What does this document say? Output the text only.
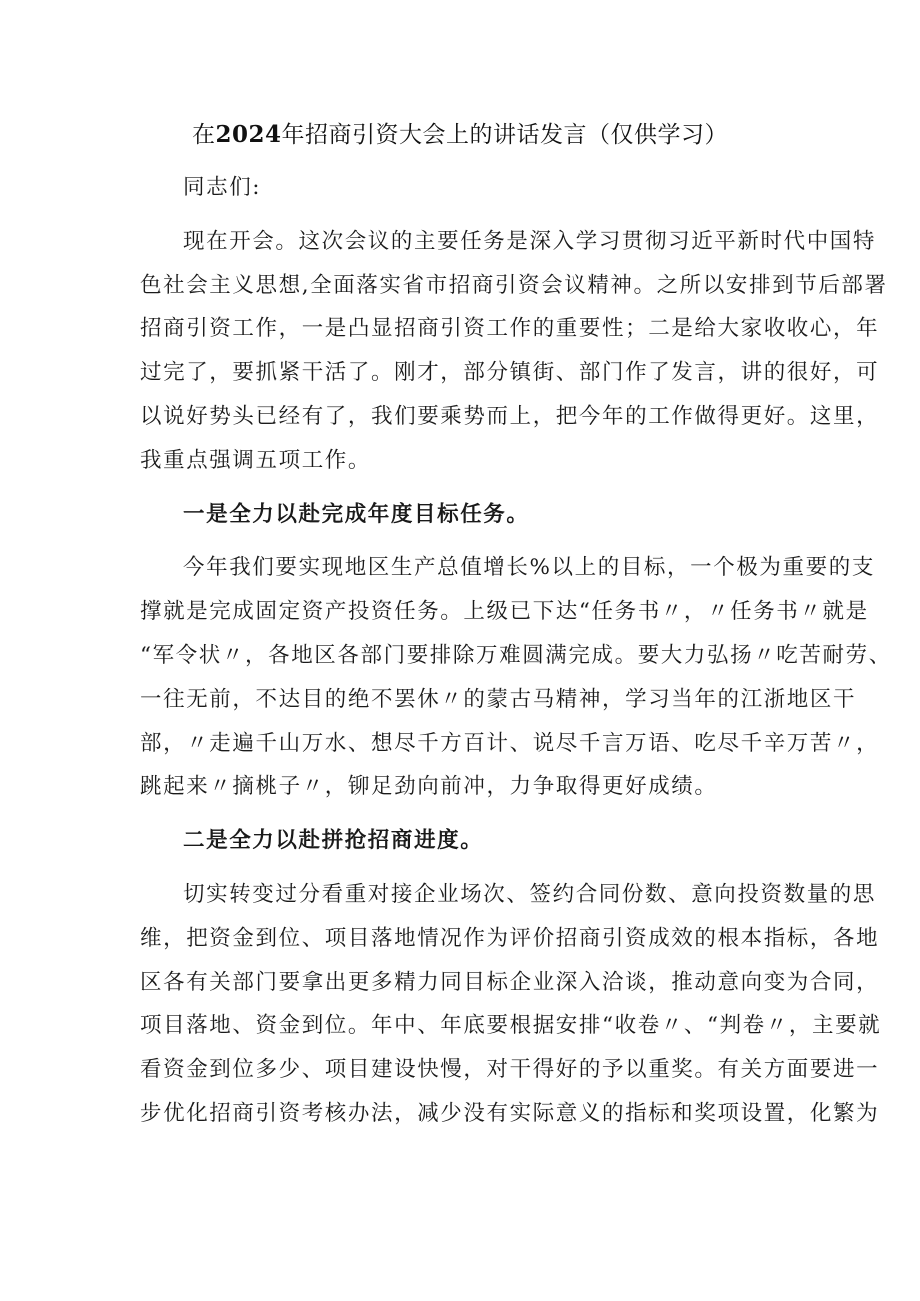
在2024年招商引资大会上的讲话发言（仅供学习）

同志们:

现在开会。这次会议的主要任务是深入学习贯彻习近平新时代中国特
色社会主义思想,全面落实省市招商引资会议精神。之所以安排到节后部署
招商引资工作，一是凸显招商引资工作的重要性；二是给大家收收心，年
过完了，要抓紧干活了。刚才，部分镇街、部门作了发言，讲的很好，可
以说好势头已经有了，我们要乘势而上，把今年的工作做得更好。这里，
我重点强调五项工作。

一是全力以赴完成年度目标任务。

今年我们要实现地区生产总值增长%以上的目标，一个极为重要的支
撑就是完成固定资产投资任务。上级已下达“任务书〃，〃任务书〃就是
“军令状〃，各地区各部门要排除万难圆满完成。要大力弘扬〃吃苦耐劳、
一往无前，不达目的绝不罢休〃的蒙古马精神，学习当年的江浙地区干
部，〃走遍千山万水、想尽千方百计、说尽千言万语、吃尽千辛万苦〃，
跳起来〃摘桃子〃，铆足劲向前冲，力争取得更好成绩。

二是全力以赴拼抢招商进度。

切实转变过分看重对接企业场次、签约合同份数、意向投资数量的思
维，把资金到位、项目落地情况作为评价招商引资成效的根本指标，各地
区各有关部门要拿出更多精力同目标企业深入洽谈，推动意向变为合同，
项目落地、资金到位。年中、年底要根据安排“收卷〃、“判卷〃，主要就
看资金到位多少、项目建设快慢，对干得好的予以重奖。有关方面要进一
步优化招商引资考核办法，减少没有实际意义的指标和奖项设置，化繁为
